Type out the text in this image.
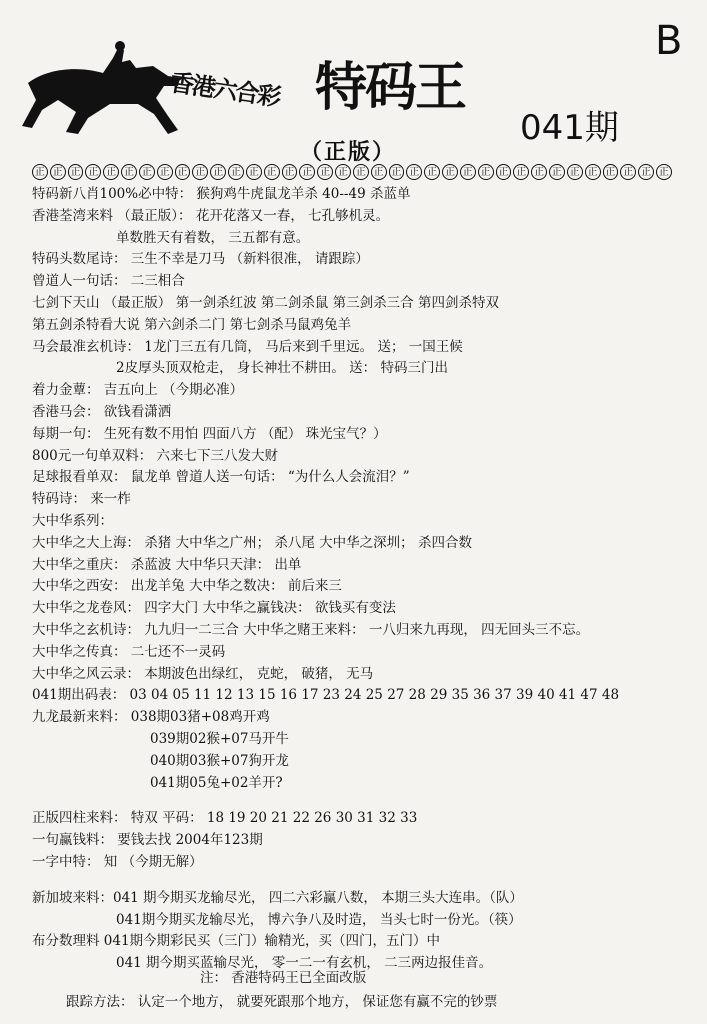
香港六合彩 特码王
041期
B
（正版）
正 正 正 正 正 正 正 正 正 正 正 正 正 正 正 正 正 正 正 正 正 正 正 正 正 正 正 正 正 正 正 正 正 正 正 正
特码新八肖100%必中特： 猴狗鸡牛虎鼠龙羊杀 40--49 杀蓝单
香港荃湾来料 （最正版）： 花开花落又一春， 七孔够机灵。
单数胜天有着数， 三五都有意。
特码头数尾诗： 三生不幸是刀马 （新料很准， 请跟踪）
曾道人一句话： 二三相合
七剑下天山 （最正版） 第一剑杀红波 第二剑杀鼠 第三剑杀三合 第四剑杀特双
第五剑杀特看大说 第六剑杀二门 第七剑杀马鼠鸡兔羊
马会最准玄机诗： 1龙门三五有几筒， 马后来到千里远。 送； 一国王候
2皮厚头顶双枪走， 身长神壮不耕田。 送： 特码三门出
着力金蕈： 吉五向上 （今期必准）
香港马会： 欲钱看潇洒
每期一句： 生死有数不用怕 四面八方 （配） 珠光宝气？）
800元一句单双料： 六来七下三八发大财
足球报看单双： 鼠龙单 曾道人送一句话： “为什么人会流泪？”
特码诗： 来一柞
大中华系列：
大中华之大上海： 杀猪 大中华之广州； 杀八尾 大中华之深圳； 杀四合数
大中华之重庆： 杀蓝波 大中华只天津： 出单
大中华之西安： 出龙羊兔 大中华之数决： 前后来三
大中华之龙卷风： 四字大门 大中华之赢钱决： 欲钱买有变法
大中华之玄机诗： 九九归一二三合 大中华之赌王来料： 一八归来九再现， 四无回头三不忘。
大中华之传真： 二七还不一灵码
大中华之风云录： 本期波色出绿红， 克蛇， 破猪， 无马
041期出码表： 03 04 05 11 12 13 15 16 17 23 24 25 27 28 29 35 36 37 39 40 41 47 48
九龙最新来料： 038期03猪+08鸡开鸡
039期02猴+07马开牛
040期03猴+07狗开龙
041期05兔+02羊开?
正版四柱来料： 特双 平码： 18 19 20 21 22 26 30 31 32 33
一句赢钱料： 要钱去找 2004年123期
一字中特： 知 （今期无解）
新加坡来料：041 期今期买龙输尽光， 四二六彩赢八数， 本期三头大连串。（队）
041期今期买龙输尽光， 博六争八及时造， 当头七时一份光。（筷）
布分数理料 041期今期彩民买（三门）输精光，买（四门，五门）中
041 期今期买蓝输尽光， 零一二一有玄机， 二三两边报佳音。
注： 香港特码王已全面改版
跟踪方法： 认定一个地方， 就要死跟那个地方， 保证您有赢不完的钞票
